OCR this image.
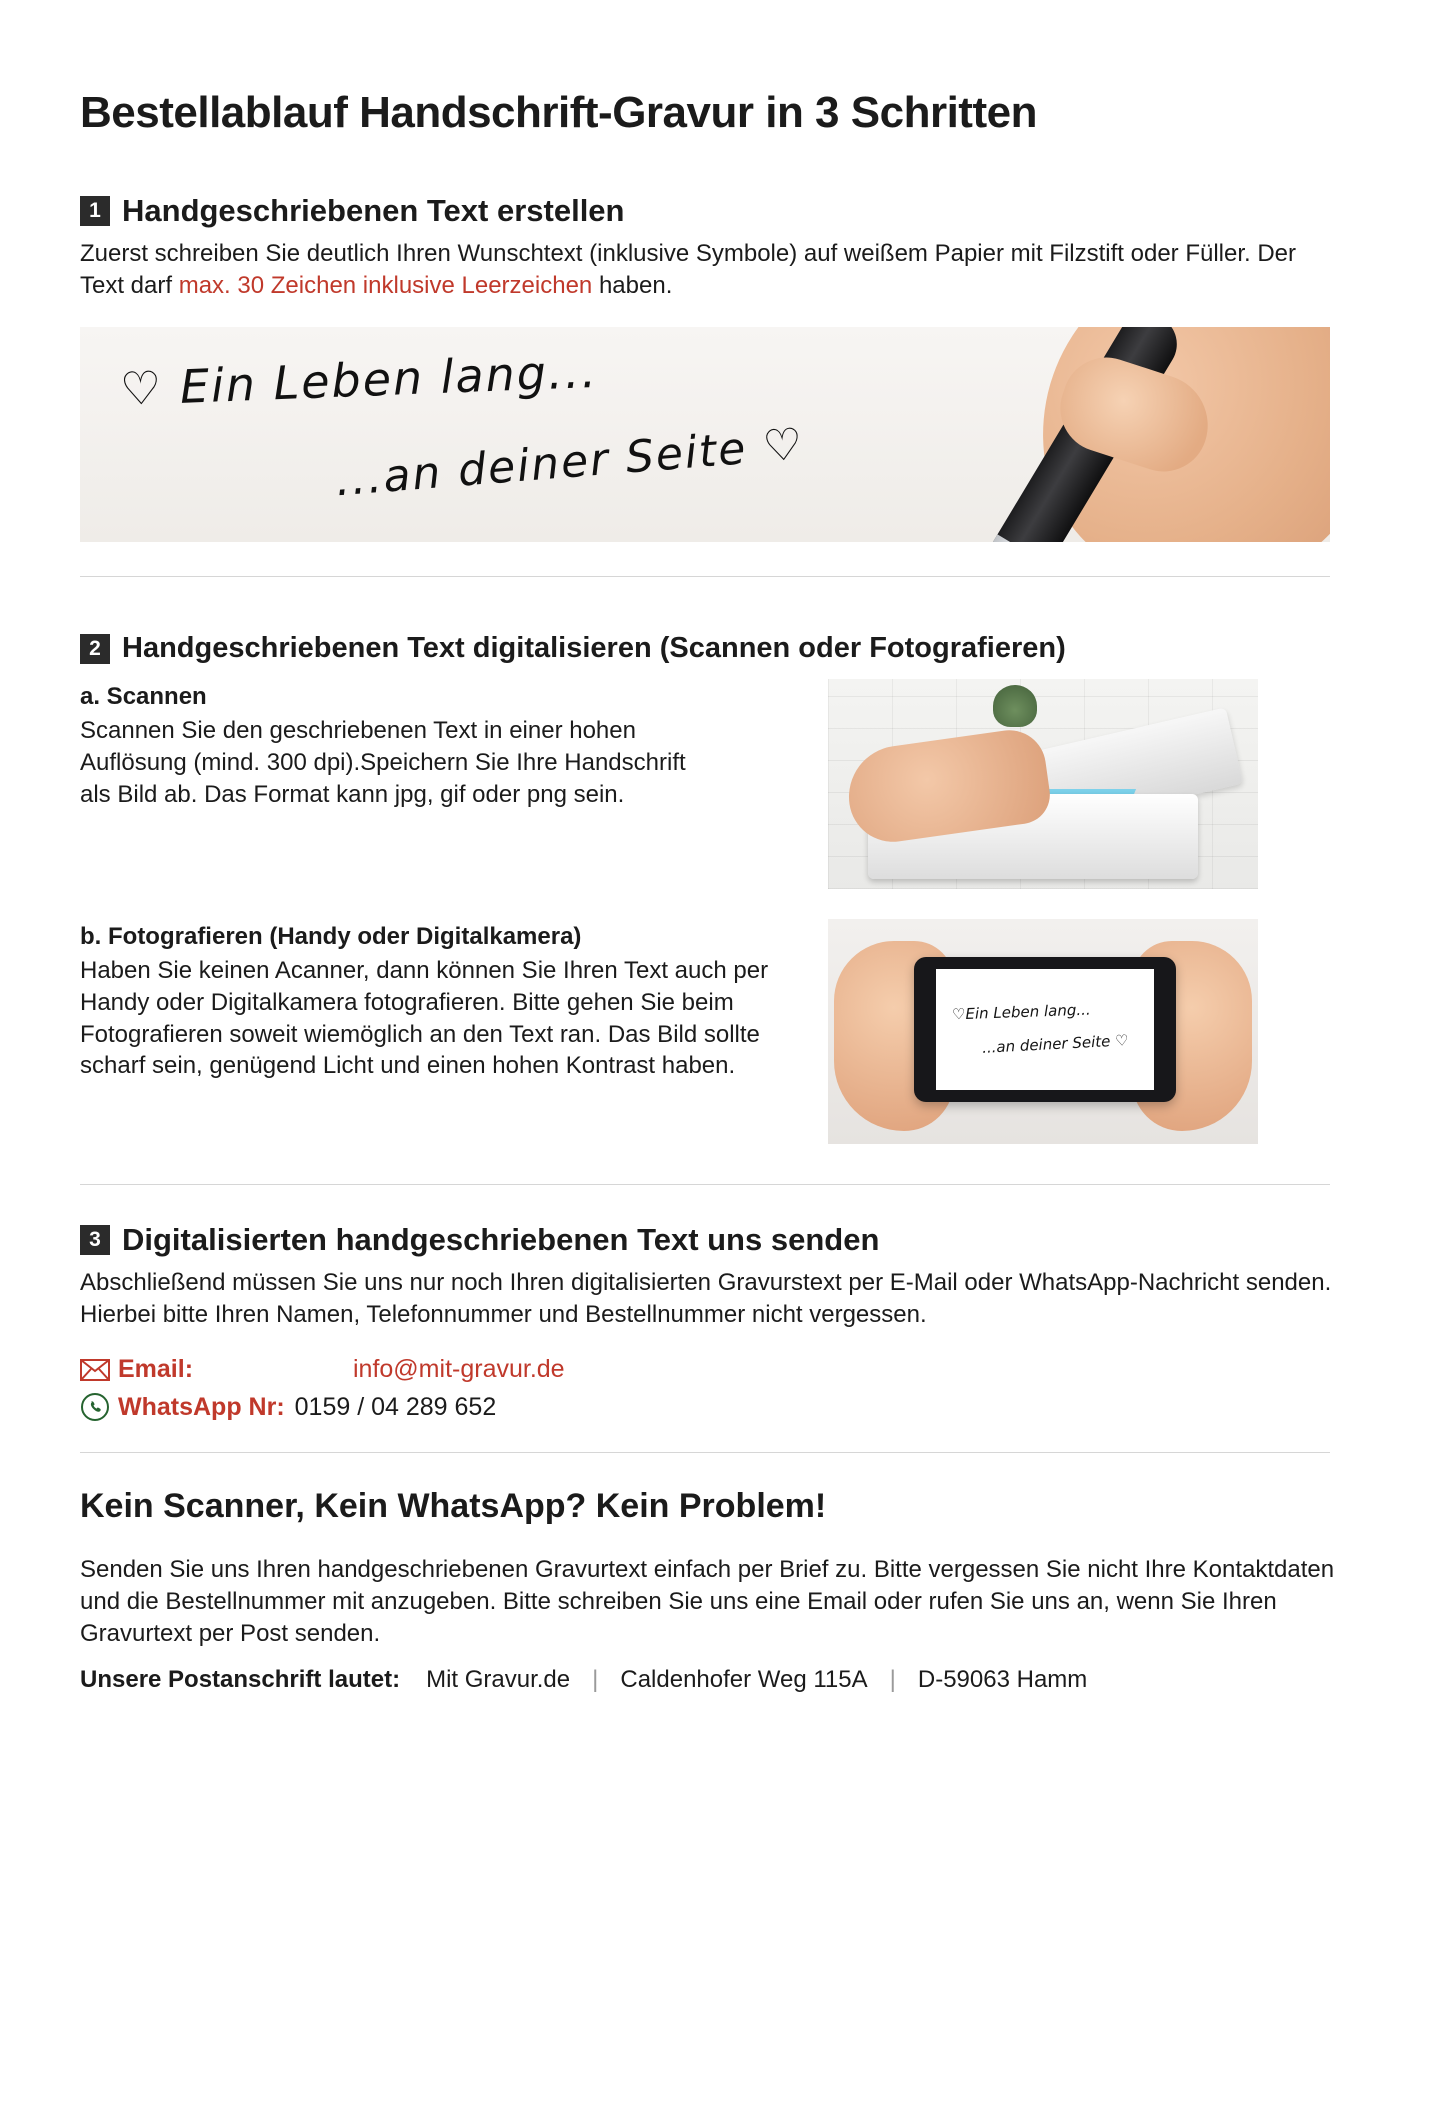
Bestellablauf Handschrift-Gravur in 3 Schritten
1 Handgeschriebenen Text erstellen

Zuerst schreiben Sie deutlich Ihren Wunschtext (inklusive Symbole) auf weißem Papier mit Filzstift oder Füller. Der Text darf max. 30 Zeichen inklusive Leerzeichen haben.

♡ Ein Leben lang...
...an deiner Seite ♡
2 Handgeschriebenen Text digitalisieren (Scannen oder Fotografieren)
a. Scannen

Scannen Sie den geschriebenen Text in einer hohen Auflösung (mind. 300 dpi).Speichern Sie Ihre Handschrift als Bild ab. Das Format kann jpg, gif oder png sein.

b. Fotografieren (Handy oder Digitalkamera)

Haben Sie keinen Acanner, dann können Sie Ihren Text auch per Handy oder Digitalkamera fotografieren. Bitte gehen Sie beim Fotografieren soweit wiemöglich an den Text ran. Das Bild sollte scharf sein, genügend Licht und einen hohen Kontrast haben.

♡Ein Leben lang...
...an deiner Seite ♡
3 Digitalisierten handgeschriebenen Text uns senden

Abschließend müssen Sie uns nur noch Ihren digitalisierten Gravurstext per E-Mail oder WhatsApp-Nachricht senden.

Hierbei bitte Ihren Namen, Telefonnummer und Bestellnummer nicht vergessen.

Email:	info@mit-gravur.de
WhatsApp Nr: 0159 / 04 289 652
Kein Scanner, Kein WhatsApp? Kein Problem!

Senden Sie uns Ihren handgeschriebenen Gravurtext einfach per Brief zu. Bitte vergessen Sie nicht Ihre Kontaktdaten und die Bestellnummer mit anzugeben. Bitte schreiben Sie uns eine Email oder rufen Sie uns an, wenn Sie Ihren Gravurtext per Post senden.

Unsere Postanschrift lautet: Mit Gravur.de | Caldenhofer Weg 115A | D-59063 Hamm
